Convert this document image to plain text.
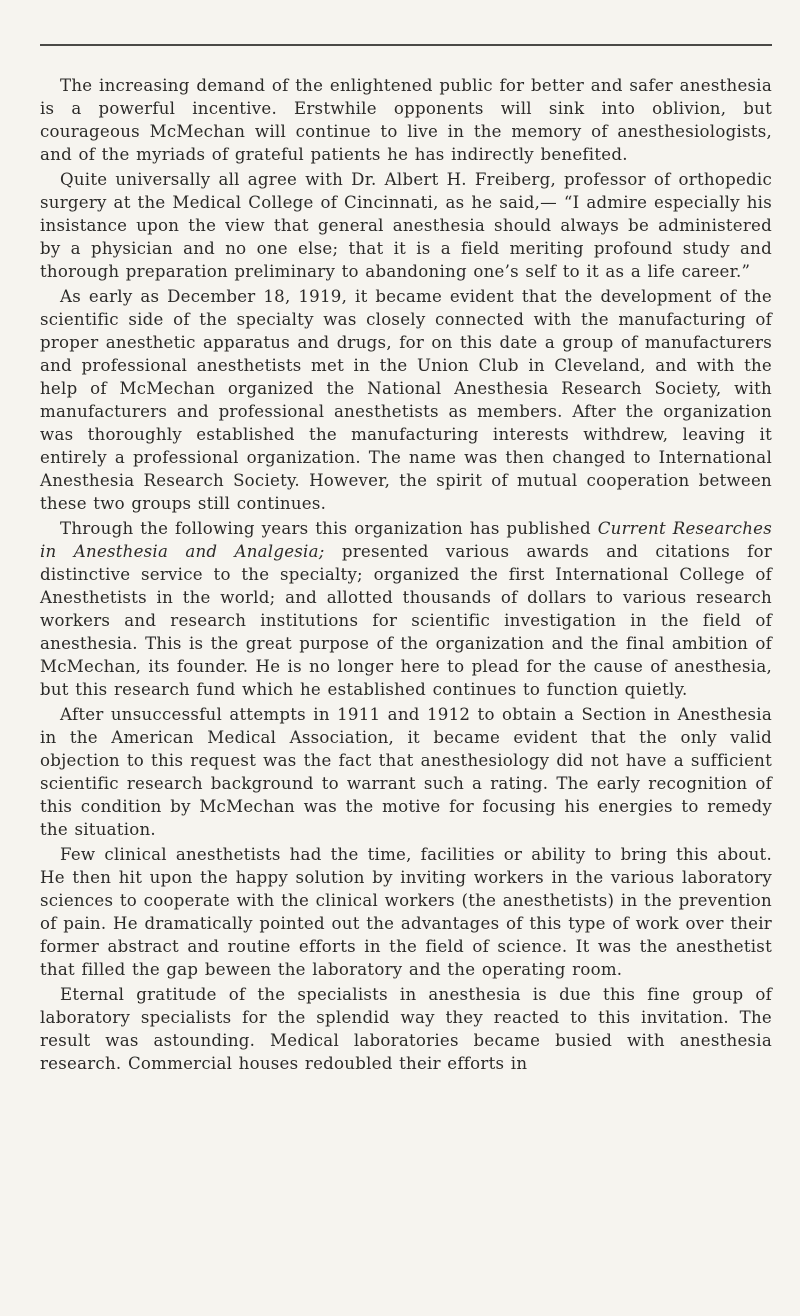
The increasing demand of the enlightened public for better and safer anesthesia is a powerful incentive. Erstwhile opponents will sink into oblivion, but courageous McMechan will continue to live in the memory of anesthesiologists, and of the myriads of grateful patients he has indirectly benefited.

Quite universally all agree with Dr. Albert H. Freiberg, professor of orthopedic surgery at the Medical College of Cincinnati, as he said,— “I admire especially his insistance upon the view that general anesthesia should always be administered by a physician and no one else; that it is a field meriting profound study and thorough preparation preliminary to abandoning one’s self to it as a life career.”

As early as December 18, 1919, it became evident that the development of the scientific side of the specialty was closely connected with the manufacturing of proper anesthetic apparatus and drugs, for on this date a group of manufacturers and professional anesthetists met in the Union Club in Cleveland, and with the help of McMechan organized the National Anesthesia Research Society, with manufacturers and professional anesthetists as members. After the organization was thoroughly established the manufacturing interests withdrew, leaving it entirely a professional organization. The name was then changed to International Anesthesia Research Society. However, the spirit of mutual cooperation between these two groups still continues.

Through the following years this organization has published Current Researches in Anesthesia and Analgesia; presented various awards and citations for distinctive service to the specialty; organized the first International College of Anesthetists in the world; and allotted thousands of dollars to various research workers and research institutions for scientific investigation in the field of anesthesia. This is the great purpose of the organization and the final ambition of McMechan, its founder. He is no longer here to plead for the cause of anesthesia, but this research fund which he established continues to function quietly.

After unsuccessful attempts in 1911 and 1912 to obtain a Section in Anesthesia in the American Medical Association, it became evident that the only valid objection to this request was the fact that anesthesiology did not have a sufficient scientific research background to warrant such a rating. The early recognition of this condition by McMechan was the motive for focusing his energies to remedy the situation.

Few clinical anesthetists had the time, facilities or ability to bring this about. He then hit upon the happy solution by inviting workers in the various laboratory sciences to cooperate with the clinical workers (the anesthetists) in the prevention of pain. He dramatically pointed out the advantages of this type of work over their former abstract and routine efforts in the field of science. It was the anesthetist that filled the gap beween the laboratory and the operating room.

Eternal gratitude of the specialists in anesthesia is due this fine group of laboratory specialists for the splendid way they reacted to this invitation. The result was astounding. Medical laboratories became busied with anesthesia research. Commercial houses redoubled their efforts in
